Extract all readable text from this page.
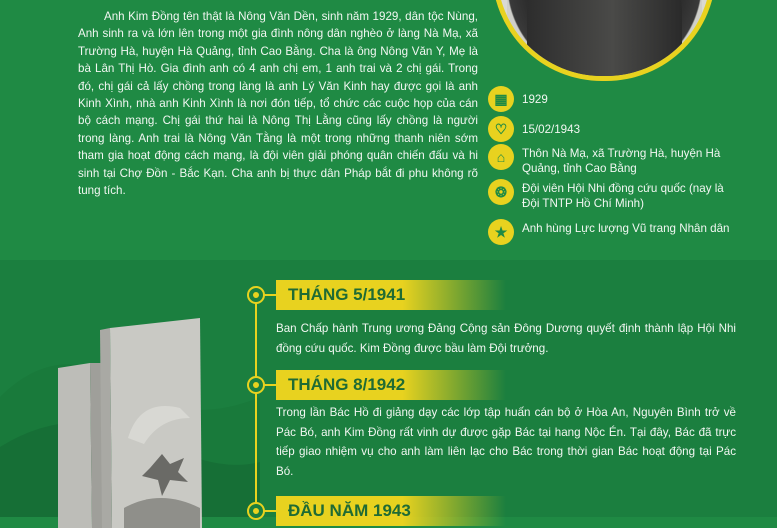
Anh Kim Đồng tên thật là Nông Văn Dền, sinh năm 1929, dân tộc Nùng, Anh sinh ra và lớn lên trong một gia đình nông dân nghèo ở làng Nà Mạ, xã Trường Hà, huyện Hà Quảng, tỉnh Cao Bằng. Cha là ông Nông Văn Y, Mẹ là bà Lân Thị Hò. Gia đình anh có 4 anh chị em, 1 anh trai và 2 chị gái. Trong đó, chị gái cả lấy chồng trong làng là anh Lý Văn Kinh hay được gọi là anh Kinh Xình, nhà anh Kinh Xình là nơi đón tiếp, tổ chức các cuộc họp của cán bộ cách mạng. Chị gái thứ hai là Nông Thị Lằng cũng lấy chồng là người trong làng. Anh trai là Nông Văn Tằng là một trong những thanh niên sớm tham gia hoạt động cách mạng, là đội viên giải phóng quân chiến đấu và hi sinh tại Chợ Đồn - Bắc Kạn. Cha anh bị thực dân Pháp bắt đi phu không rõ tung tích.
▦	1929
♡	15/02/1943
⌂	Thôn Nà Mạ, xã Trường Hà, huyện Hà Quảng, tỉnh Cao Bằng
❂	Đội viên Hội Nhi đồng cứu quốc (nay là Đội TNTP Hồ Chí Minh)
★	Anh hùng Lực lượng Vũ trang Nhân dân
THÁNG 5/1941
Ban Chấp hành Trung ương Đảng Cộng sản Đông Dương quyết định thành lập Hội Nhi đồng cứu quốc. Kim Đồng được bầu làm Đội trưởng.
THÁNG 8/1942
Trong lần Bác Hồ đi giảng dạy các lớp tập huấn cán bộ ở Hòa An, Nguyên Bình trở về Pác Bó, anh Kim Đồng rất vinh dự được gặp Bác tại hang Nộc Én. Tại đây, Bác đã trực tiếp giao nhiệm vụ cho anh làm liên lạc cho Bác trong thời gian Bác hoạt động tại Pác Bó.
ĐẦU NĂM 1943
